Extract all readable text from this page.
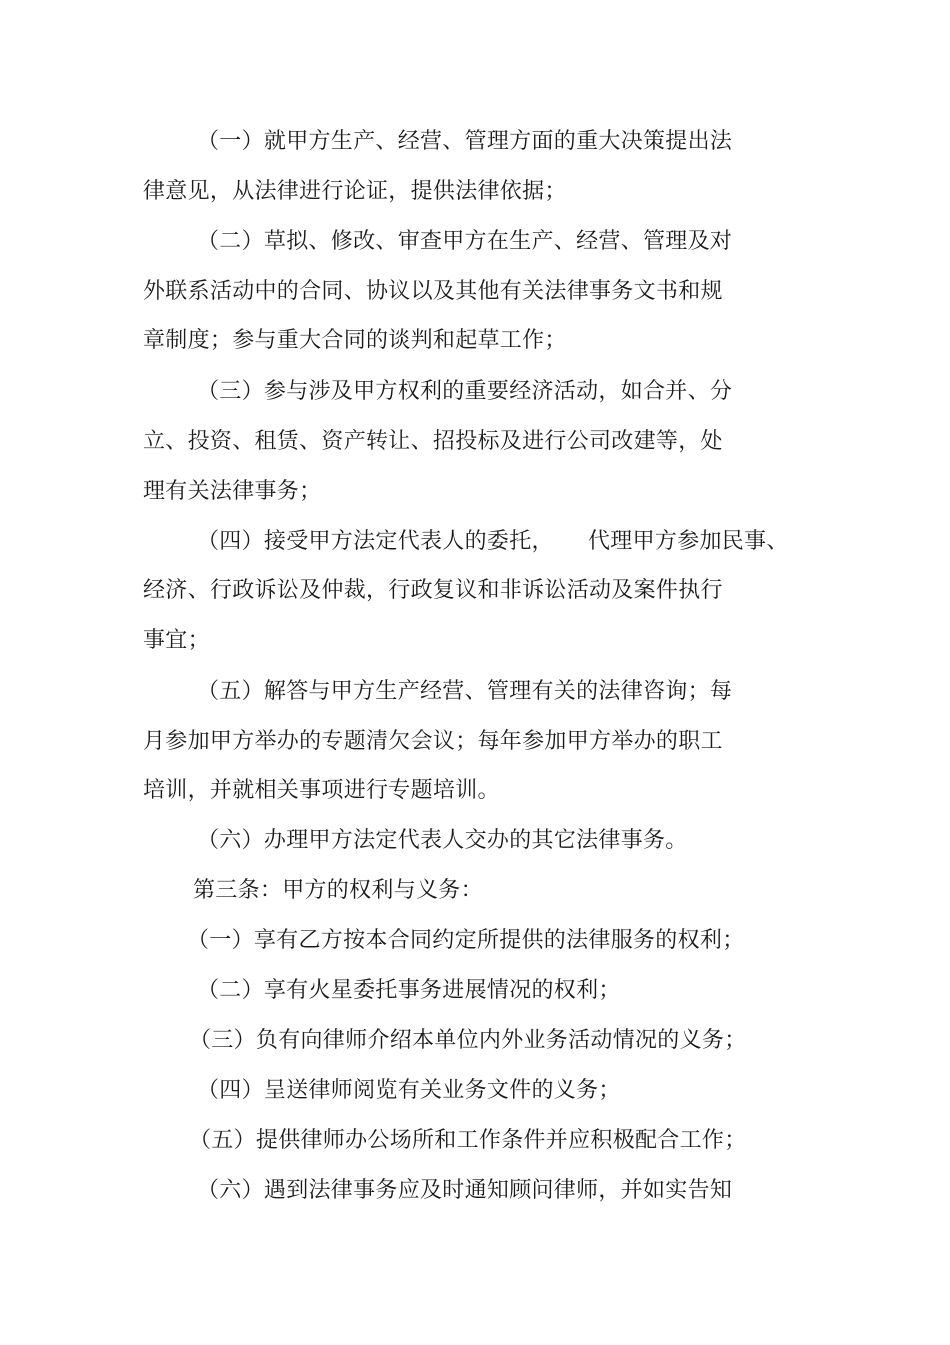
（一）就甲方生产、经营、管理方面的重大决策提出法
律意见，从法律进行论证，提供法律依据；
（二）草拟、修改、审查甲方在生产、经营、管理及对
外联系活动中的合同、协议以及其他有关法律事务文书和规
章制度；参与重大合同的谈判和起草工作；
（三）参与涉及甲方权利的重要经济活动，如合并、分
立、投资、租赁、资产转让、招投标及进行公司改建等，处
理有关法律事务；
（四）接受甲方法定代表人的委托， 代理甲方参加民事、
经济、行政诉讼及仲裁，行政复议和非诉讼活动及案件执行
事宜；
（五）解答与甲方生产经营、管理有关的法律咨询；每
月参加甲方举办的专题清欠会议；每年参加甲方举办的职工
培训，并就相关事项进行专题培训。
（六）办理甲方法定代表人交办的其它法律事务。
第三条：甲方的权利与义务：
（一）享有乙方按本合同约定所提供的法律服务的权利；
（二）享有火星委托事务进展情况的权利；
（三）负有向律师介绍本单位内外业务活动情况的义务；
（四）呈送律师阅览有关业务文件的义务；
（五）提供律师办公场所和工作条件并应积极配合工作；
（六）遇到法律事务应及时通知顾问律师，并如实告知
